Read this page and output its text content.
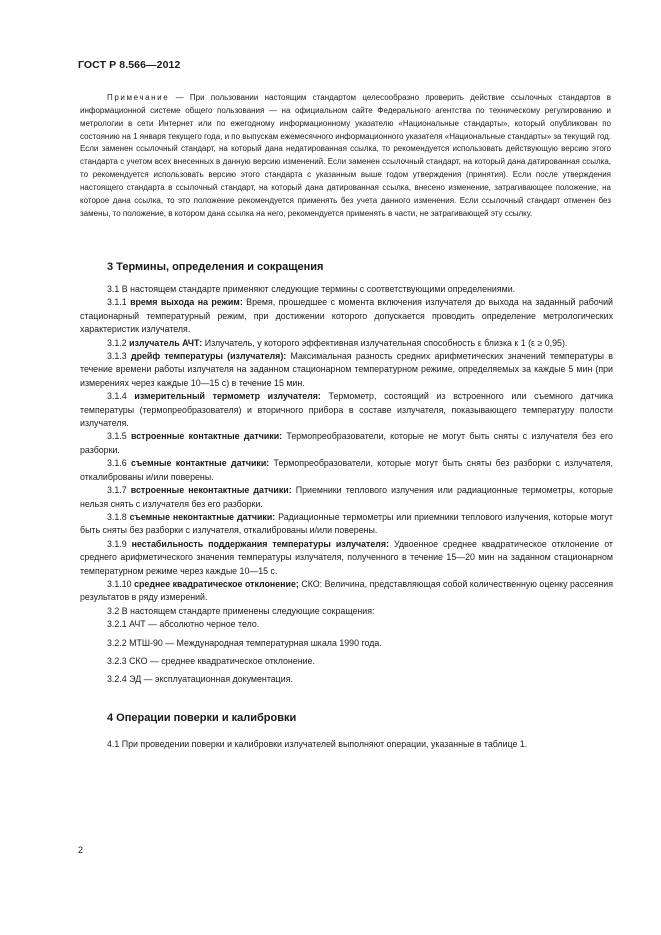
ГОСТ Р 8.566—2012

Примечание — При пользовании настоящим стандартом целесообразно проверить действие ссылочных стандартов в информационной системе общего пользования — на официальном сайте Федерального агентства по техническому регулированию и метрологии в сети Интернет или по ежегодному информационному указателю «Национальные стандарты», который опубликован по состоянию на 1 января текущего года, и по выпускам ежемесячного информационного указателя «Национальные стандарты» за текущий год. Если заменен ссылочный стандарт, на который дана недатированная ссылка, то рекомендуется использовать действующую версию этого стандарта с учетом всех внесенных в данную версию изменений. Если заменен ссылочный стандарт, на который дана датированная ссылка, то рекомендуется использовать версию этого стандарта с указанным выше годом утверждения (принятия). Если после утверждения настоящего стандарта в ссылочный стандарт, на который дана датированная ссылка, внесено изменение, затрагивающее положение, на которое дана ссылка, то это положение рекомендуется применять без учета данного изменения. Если ссылочный стандарт отменен без замены, то положение, в котором дана ссылка на него, рекомендуется применять в части, не затрагивающей эту ссылку.

3 Термины, определения и сокращения

3.1 В настоящем стандарте применяют следующие термины с соответствующими определениями.

3.1.1 время выхода на режим: Время, прошедшее с момента включения излучателя до выхода на заданный рабочий стационарный температурный режим, при достижении которого допускается проводить определение метрологических характеристик излучателя.

3.1.2 излучатель АЧТ: Излучатель, у которого эффективная излучательная способность ε близка к 1 (ε ≥ 0,95).

3.1.3 дрейф температуры (излучателя): Максимальная разность средних арифметических значений температуры в течение времени работы излучателя на заданном стационарном температурном режиме, определяемых за каждые 5 мин (при измерениях через каждые 10—15 с) в течение 15 мин.

3.1.4 измерительный термометр излучателя: Термометр, состоящий из встроенного или съемного датчика температуры (термопреобразователя) и вторичного прибора в составе излучателя, показывающего температуру полости излучателя.

3.1.5 встроенные контактные датчики: Термопреобразователи, которые не могут быть сняты с излучателя без его разборки.

3.1.6 съемные контактные датчики: Термопреобразователи, которые могут быть сняты без разборки с излучателя, откалиброваны и/или поверены.

3.1.7 встроенные неконтактные датчики: Приемники теплового излучения или радиационные термометры, которые нельзя снять с излучателя без его разборки.

3.1.8 съемные неконтактные датчики: Радиационные термометры или приемники теплового излучения, которые могут быть сняты без разборки с излучателя, откалиброваны и/или поверены.

3.1.9 нестабильность поддержания температуры излучателя: Удвоенное среднее квадратическое отклонение от среднего арифметического значения температуры излучателя, полученного в течение 15—20 мин на заданном стационарном температурном режиме через каждые 10—15 с.

3.1.10 среднее квадратическое отклонение; СКО: Величина, представляющая собой количественную оценку рассеяния результатов в ряду измерений.

3.2 В настоящем стандарте применены следующие сокращения:

3.2.1 АЧТ — абсолютно черное тело.

3.2.2 МТШ-90 — Международная температурная шкала 1990 года.

3.2.3 СКО — среднее квадратическое отклонение.

3.2.4 ЭД — эксплуатационная документация.

4 Операции поверки и калибровки

4.1 При проведении поверки и калибровки излучателей выполняют операции, указанные в таблице 1.

2
